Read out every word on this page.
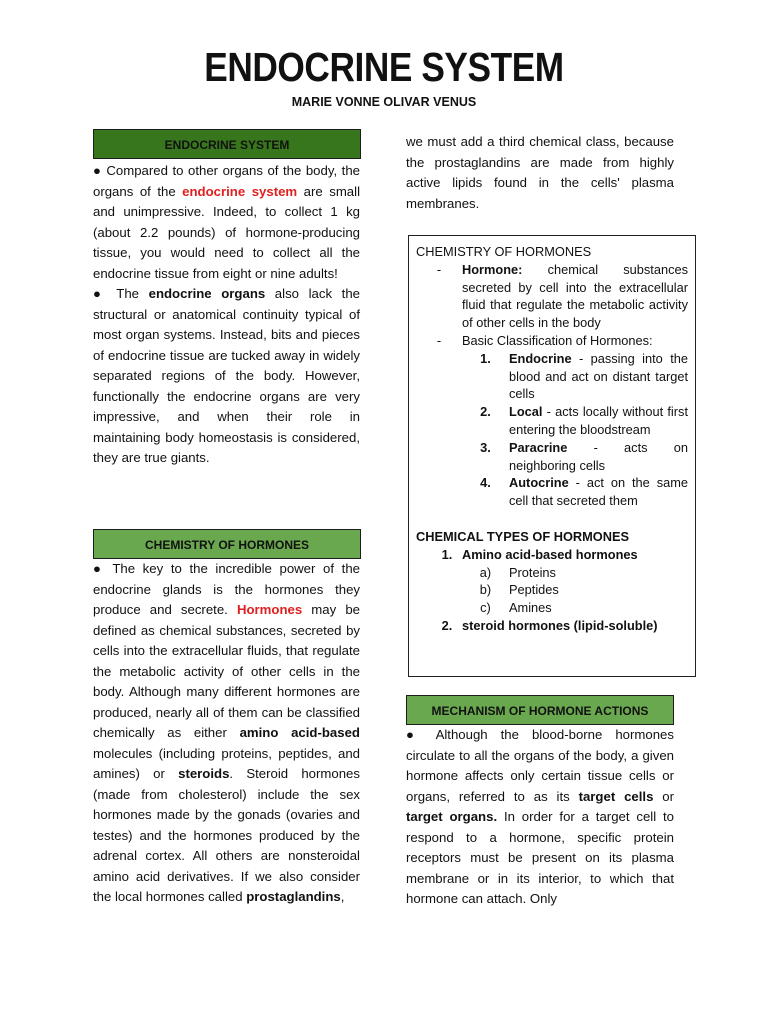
ENDOCRINE SYSTEM
MARIE VONNE OLIVAR VENUS
ENDOCRINE SYSTEM

● Compared to other organs of the body, the organs of the endocrine system are small and unimpressive. Indeed, to collect 1 kg (about 2.2 pounds) of hormone-producing tissue, you would need to collect all the endocrine tissue from eight or nine adults!

● The endocrine organs also lack the structural or anatomical continuity typical of most organ systems. Instead, bits and pieces of endocrine tissue are tucked away in widely separated regions of the body. However, functionally the endocrine organs are very impressive, and when their role in maintaining body homeostasis is considered, they are true giants.

CHEMISTRY OF HORMONES

● The key to the incredible power of the endocrine glands is the hormones they produce and secrete. Hormones may be defined as chemical substances, secreted by cells into the extracellular fluids, that regulate the metabolic activity of other cells in the body. Although many different hormones are produced, nearly all of them can be classified chemically as either amino acid-based molecules (including proteins, peptides, and amines) or steroids. Steroid hormones (made from cholesterol) include the sex hormones made by the gonads (ovaries and testes) and the hormones produced by the adrenal cortex. All others are nonsteroidal amino acid derivatives. If we also consider the local hormones called prostaglandins,

we must add a third chemical class, because the prostaglandins are made from highly active lipids found in the cells' plasma membranes.

CHEMISTRY OF HORMONES
-	Hormone: chemical substances secreted by cell into the extracellular fluid that regulate the metabolic activity of other cells in the body
-	Basic Classification of Hormones:
1.	Endocrine - passing into the blood and act on distant target cells
2.	Local - acts locally without first entering the bloodstream
3.	Paracrine - acts on neighboring cells
4.	Autocrine - act on the same cell that secreted them
CHEMICAL TYPES OF HORMONES
1. Amino acid-based hormones
a)	Proteins
b)	Peptides
c)	Amines
2. steroid hormones (lipid-soluble)
MECHANISM OF HORMONE ACTIONS

● Although the blood-borne hormones circulate to all the organs of the body, a given hormone affects only certain tissue cells or organs, referred to as its target cells or target organs. In order for a target cell to respond to a hormone, specific protein receptors must be present on its plasma membrane or in its interior, to which that hormone can attach. Only
